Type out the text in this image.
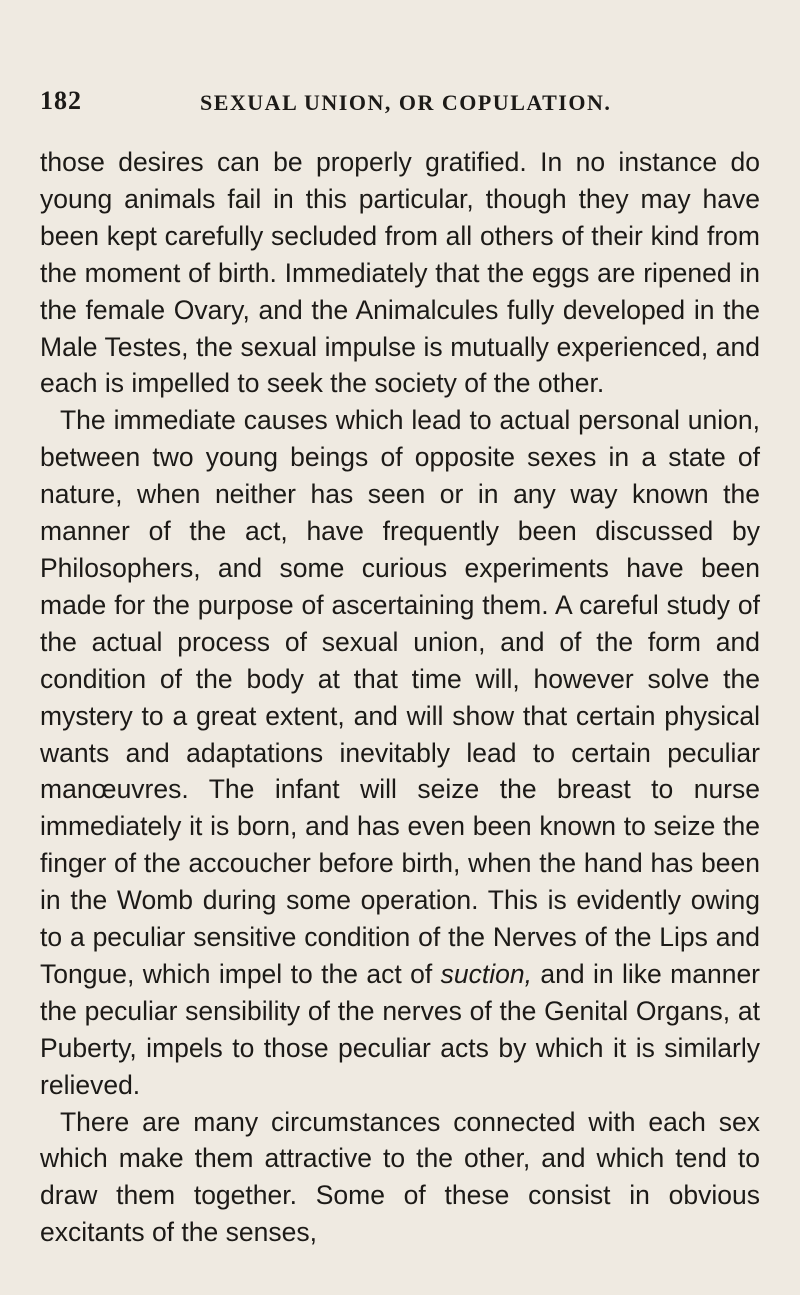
182	SEXUAL UNION, OR COPULATION.

those desires can be properly gratified. In no instance do young animals fail in this particular, though they may have been kept carefully secluded from all others of their kind from the moment of birth. Immediately that the eggs are ripened in the female Ovary, and the Animalcules fully developed in the Male Testes, the sexual impulse is mutually experienced, and each is impelled to seek the society of the other.

The immediate causes which lead to actual personal union, between two young beings of opposite sexes in a state of nature, when neither has seen or in any way known the manner of the act, have frequently been discussed by Philosophers, and some curious experiments have been made for the purpose of ascertaining them. A careful study of the actual process of sexual union, and of the form and condition of the body at that time will, however solve the mystery to a great extent, and will show that certain physical wants and adaptations inevitably lead to certain peculiar manœuvres. The infant will seize the breast to nurse immediately it is born, and has even been known to seize the finger of the accoucher before birth, when the hand has been in the Womb during some operation. This is evidently owing to a peculiar sensitive condition of the Nerves of the Lips and Tongue, which impel to the act of suction, and in like manner the peculiar sensibility of the nerves of the Genital Organs, at Puberty, impels to those peculiar acts by which it is similarly relieved.

There are many circumstances connected with each sex which make them attractive to the other, and which tend to draw them together. Some of these consist in obvious excitants of the senses,
